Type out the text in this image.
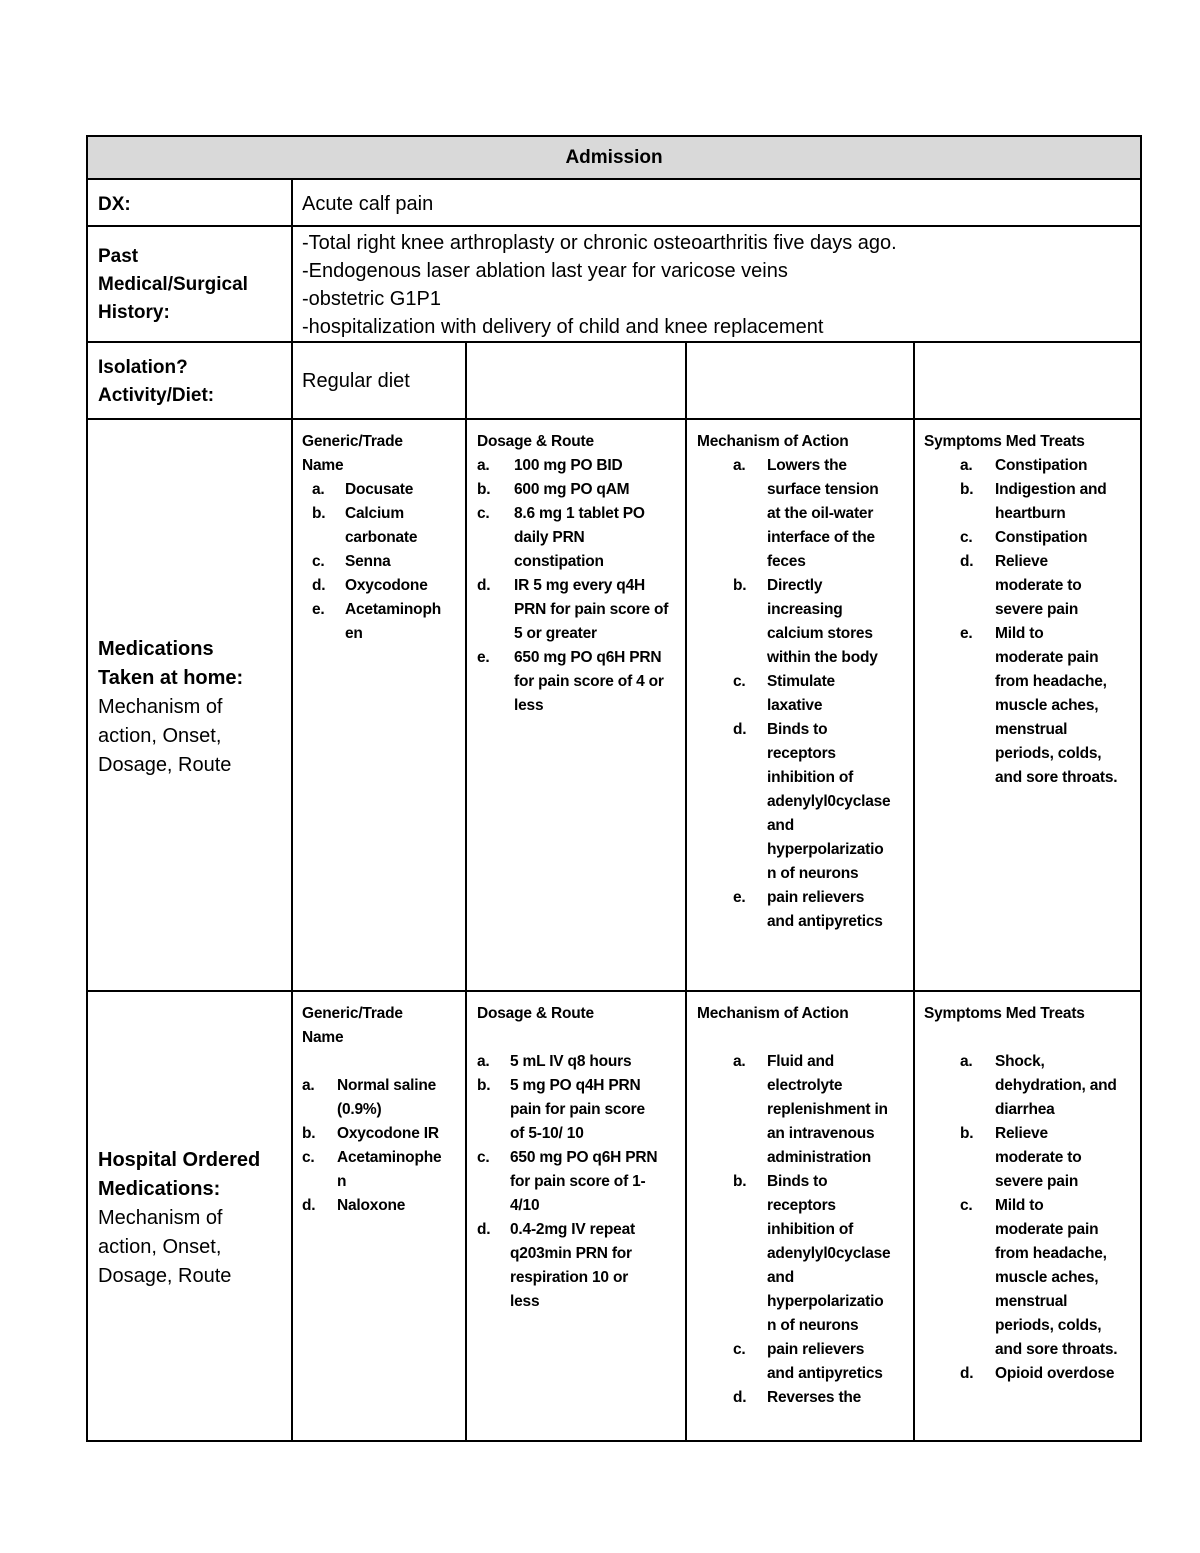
Admission
DX:	Acute calf pain
Past
Medical/Surgical
History:
-Total right knee arthroplasty or chronic osteoarthritis five days ago.
-Endogenous laser ablation last year for varicose veins
-obstetric G1P1
-hospitalization with delivery of child and knee replacement
Isolation?
Activity/Diet:
Regular diet
Medications
Taken at home:
Mechanism of
action, Onset,
Dosage, Route
Generic/Trade
Name
a. Docusate
b. Calcium
carbonate
c. Senna
d. Oxycodone
e. Acetaminoph
en
Dosage & Route
a. 100 mg PO BID
b. 600 mg PO qAM
c. 8.6 mg 1 tablet PO
daily PRN
constipation
d. IR 5 mg every q4H
PRN for pain score of
5 or greater
e. 650 mg PO q6H PRN
for pain score of 4 or
less
Mechanism of Action
a. Lowers the
surface tension
at the oil-water
interface of the
feces
b. Directly
increasing
calcium stores
within the body
c. Stimulate
laxative
d. Binds to
receptors
inhibition of
adenylyl0cyclase
and
hyperpolarizatio
n of neurons
e. pain relievers
and antipyretics
Symptoms Med Treats
a. Constipation
b. Indigestion and
heartburn
c. Constipation
d. Relieve
moderate to
severe pain
e. Mild to
moderate pain
from headache,
muscle aches,
menstrual
periods, colds,
and sore throats.
Hospital Ordered
Medications:
Mechanism of
action, Onset,
Dosage, Route
Generic/Trade
Name
a. Normal saline
(0.9%)
b. Oxycodone IR
c. Acetaminophe
n
d. Naloxone
Dosage & Route
a. 5 mL IV q8 hours
b. 5 mg PO q4H PRN
pain for pain score
of 5-10/ 10
c. 650 mg PO q6H PRN
for pain score of 1-
4/10
d. 0.4-2mg IV repeat
q203min PRN for
respiration 10 or
less
Mechanism of Action
a. Fluid and
electrolyte
replenishment in
an intravenous
administration
b. Binds to
receptors
inhibition of
adenylyl0cyclase
and
hyperpolarizatio
n of neurons
c. pain relievers
and antipyretics
d. Reverses the
Symptoms Med Treats
a. Shock,
dehydration, and
diarrhea
b. Relieve
moderate to
severe pain
c. Mild to
moderate pain
from headache,
muscle aches,
menstrual
periods, colds,
and sore throats.
d. Opioid overdose
